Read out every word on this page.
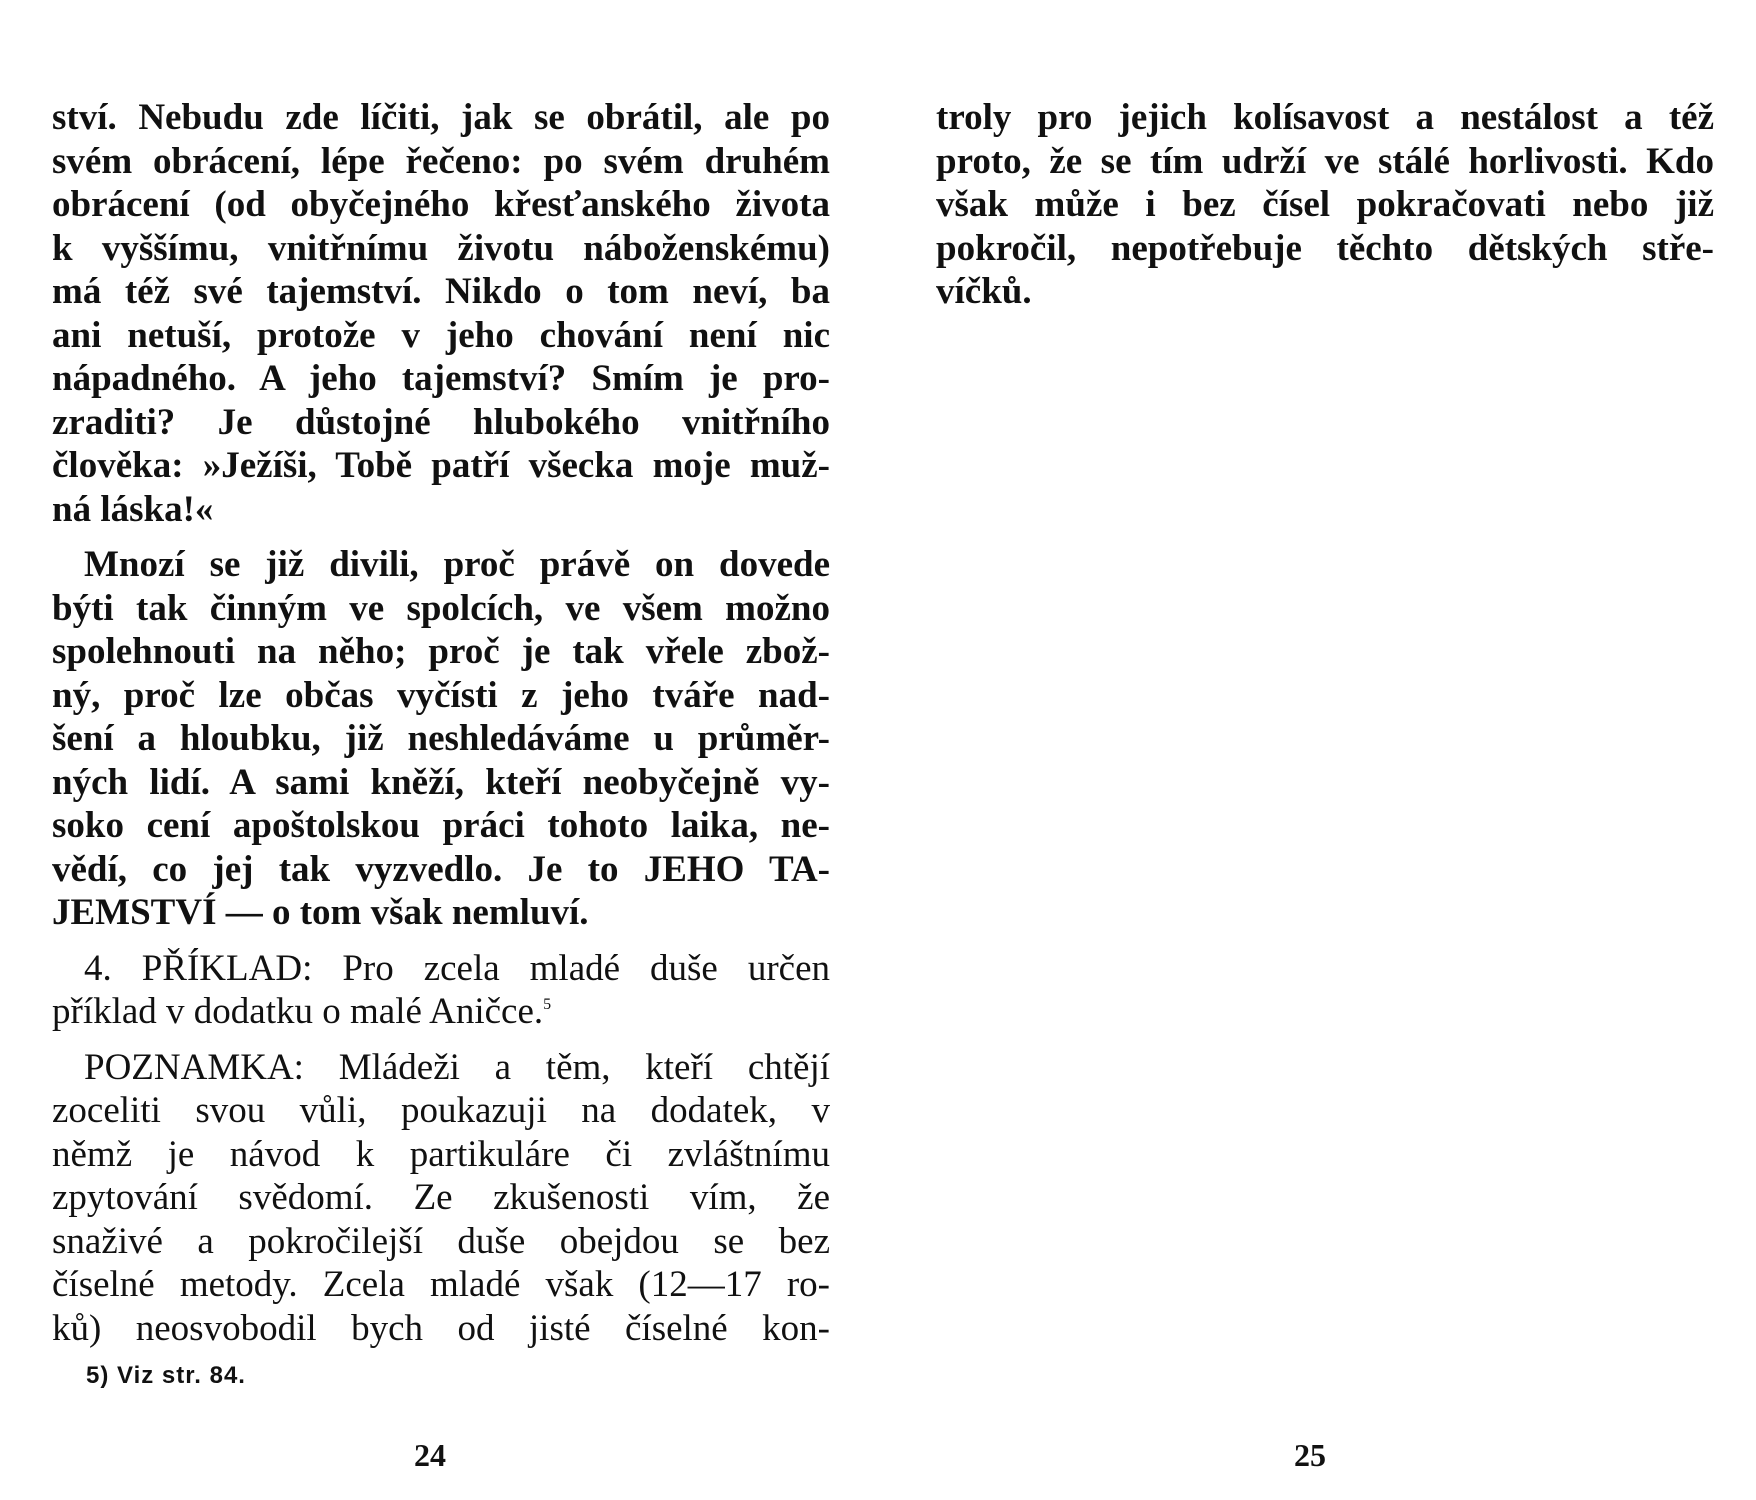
ství. Nebudu zde líčiti, jak se obrátil, ale po
svém obrácení, lépe řečeno: po svém druhém
obrácení (od obyčejného křesťanského života
k vyššímu, vnitřnímu životu náboženskému)
má též své tajemství. Nikdo o tom neví, ba
ani netuší, protože v jeho chování není nic
nápadného. A jeho tajemství? Smím je pro-
zraditi? Je důstojné hlubokého vnitřního
člověka: »Ježíši, Tobě patří všecka moje muž-
ná láska!«
Mnozí se již divili, proč právě on dovede
býti tak činným ve spolcích, ve všem možno
spolehnouti na něho; proč je tak vřele zbož-
ný, proč lze občas vyčísti z jeho tváře nad-
šení a hloubku, již neshledáváme u průměr-
ných lidí. A sami kněží, kteří neobyčejně vy-
soko cení apoštolskou práci tohoto laika, ne-
vědí, co jej tak vyzvedlo. Je to JEHO TA-
JEMSTVÍ — o tom však nemluví.
4. PŘÍKLAD: Pro zcela mladé duše určen
příklad v dodatku o malé Aničce.$^5$
POZNAMKA: Mládeži a těm, kteří chtějí
zoceliti svou vůli, poukazuji na dodatek, v
němž je návod k partikuláre či zvláštnímu
zpytování svědomí. Ze zkušenosti vím, že
snaživé a pokročilejší duše obejdou se bez
číselné metody. Zcela mladé však (12—17 ro-
ků) neosvobodil bych od jisté číselné kon-
5) Viz str. 84.
24
troly pro jejich kolísavost a nestálost a též
proto, že se tím udrží ve stálé horlivosti. Kdo
však může i bez čísel pokračovati nebo již
pokročil, nepotřebuje těchto dětských stře-
víčků.
25
